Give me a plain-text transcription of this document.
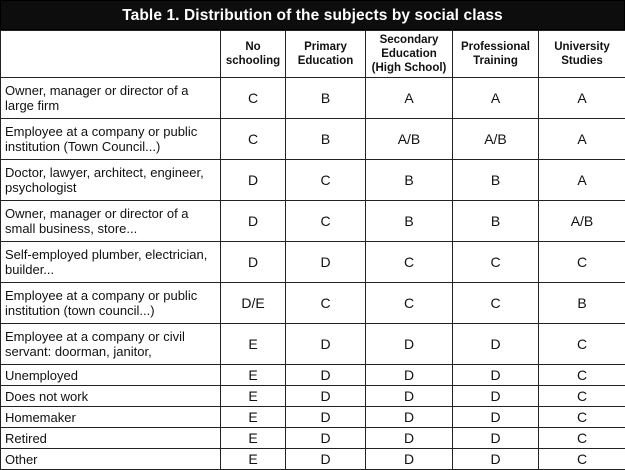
Table 1. Distribution of the subjects by social class
	No schooling	Primary Education	Secondary Education (High School)	Professional Training	University Studies
Owner, manager or director of a large firm	C	B	A	A	A
Employee at a company or public institution (Town Council...)	C	B	A/B	A/B	A
Doctor, lawyer, architect, engineer, psychologist	D	C	B	B	A
Owner, manager or director of a small business, store...	D	C	B	B	A/B
Self-employed plumber, electrician, builder...	D	D	C	C	C
Employee at a company or public institution (town council...)	D/E	C	C	C	B
Employee at a company or civil servant: doorman, janitor,	E	D	D	D	C
Unemployed	E	D	D	D	C
Does not work	E	D	D	D	C
Homemaker	E	D	D	D	C
Retired	E	D	D	D	C
Other	E	D	D	D	C
